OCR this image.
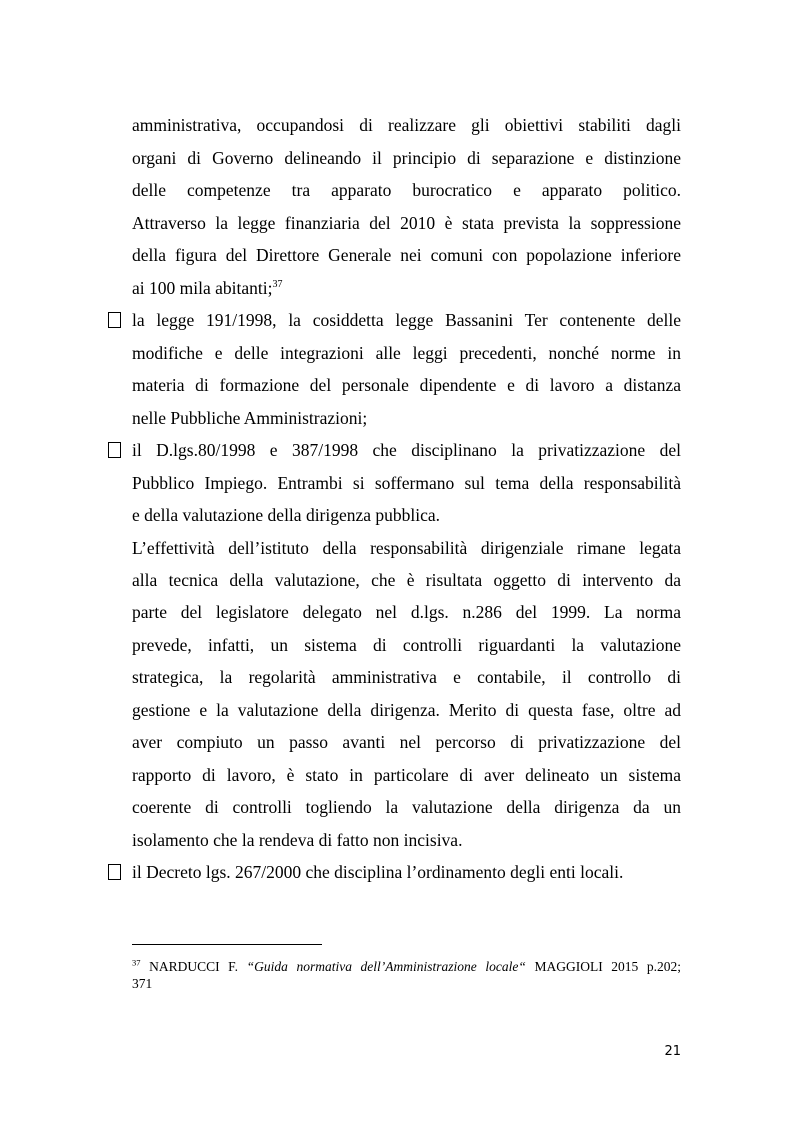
amministrativa, occupandosi di realizzare gli obiettivi stabiliti dagli
organi di Governo delineando il principio di separazione e distinzione
delle competenze tra apparato burocratico e apparato politico.
Attraverso la legge finanziaria del 2010 è stata prevista la soppressione
della figura del Direttore Generale nei comuni con popolazione inferiore
ai 100 mila abitanti;$^{37}$
la legge 191/1998, la cosiddetta legge Bassanini Ter contenente delle
modifiche e delle integrazioni alle leggi precedenti, nonché norme in
materia di formazione del personale dipendente e di lavoro a distanza
nelle Pubbliche Amministrazioni;
il D.lgs.80/1998 e 387/1998 che disciplinano la privatizzazione del
Pubblico Impiego. Entrambi si soffermano sul tema della responsabilità
e della valutazione della dirigenza pubblica.
L’effettività dell’istituto della responsabilità dirigenziale rimane legata
alla tecnica della valutazione, che è risultata oggetto di intervento da
parte del legislatore delegato nel d.lgs. n.286 del 1999. La norma
prevede, infatti, un sistema di controlli riguardanti la valutazione
strategica, la regolarità amministrativa e contabile, il controllo di
gestione e la valutazione della dirigenza. Merito di questa fase, oltre ad
aver compiuto un passo avanti nel percorso di privatizzazione del
rapporto di lavoro, è stato in particolare di aver delineato un sistema
coerente di controlli togliendo la valutazione della dirigenza da un
isolamento che la rendeva di fatto non incisiva.
il Decreto lgs. 267/2000 che disciplina l’ordinamento degli enti locali.
$^{37}$ NARDUCCI F. “Guida normativa dell’Amministrazione locale“ MAGGIOLI 2015 p.202;
371
21
